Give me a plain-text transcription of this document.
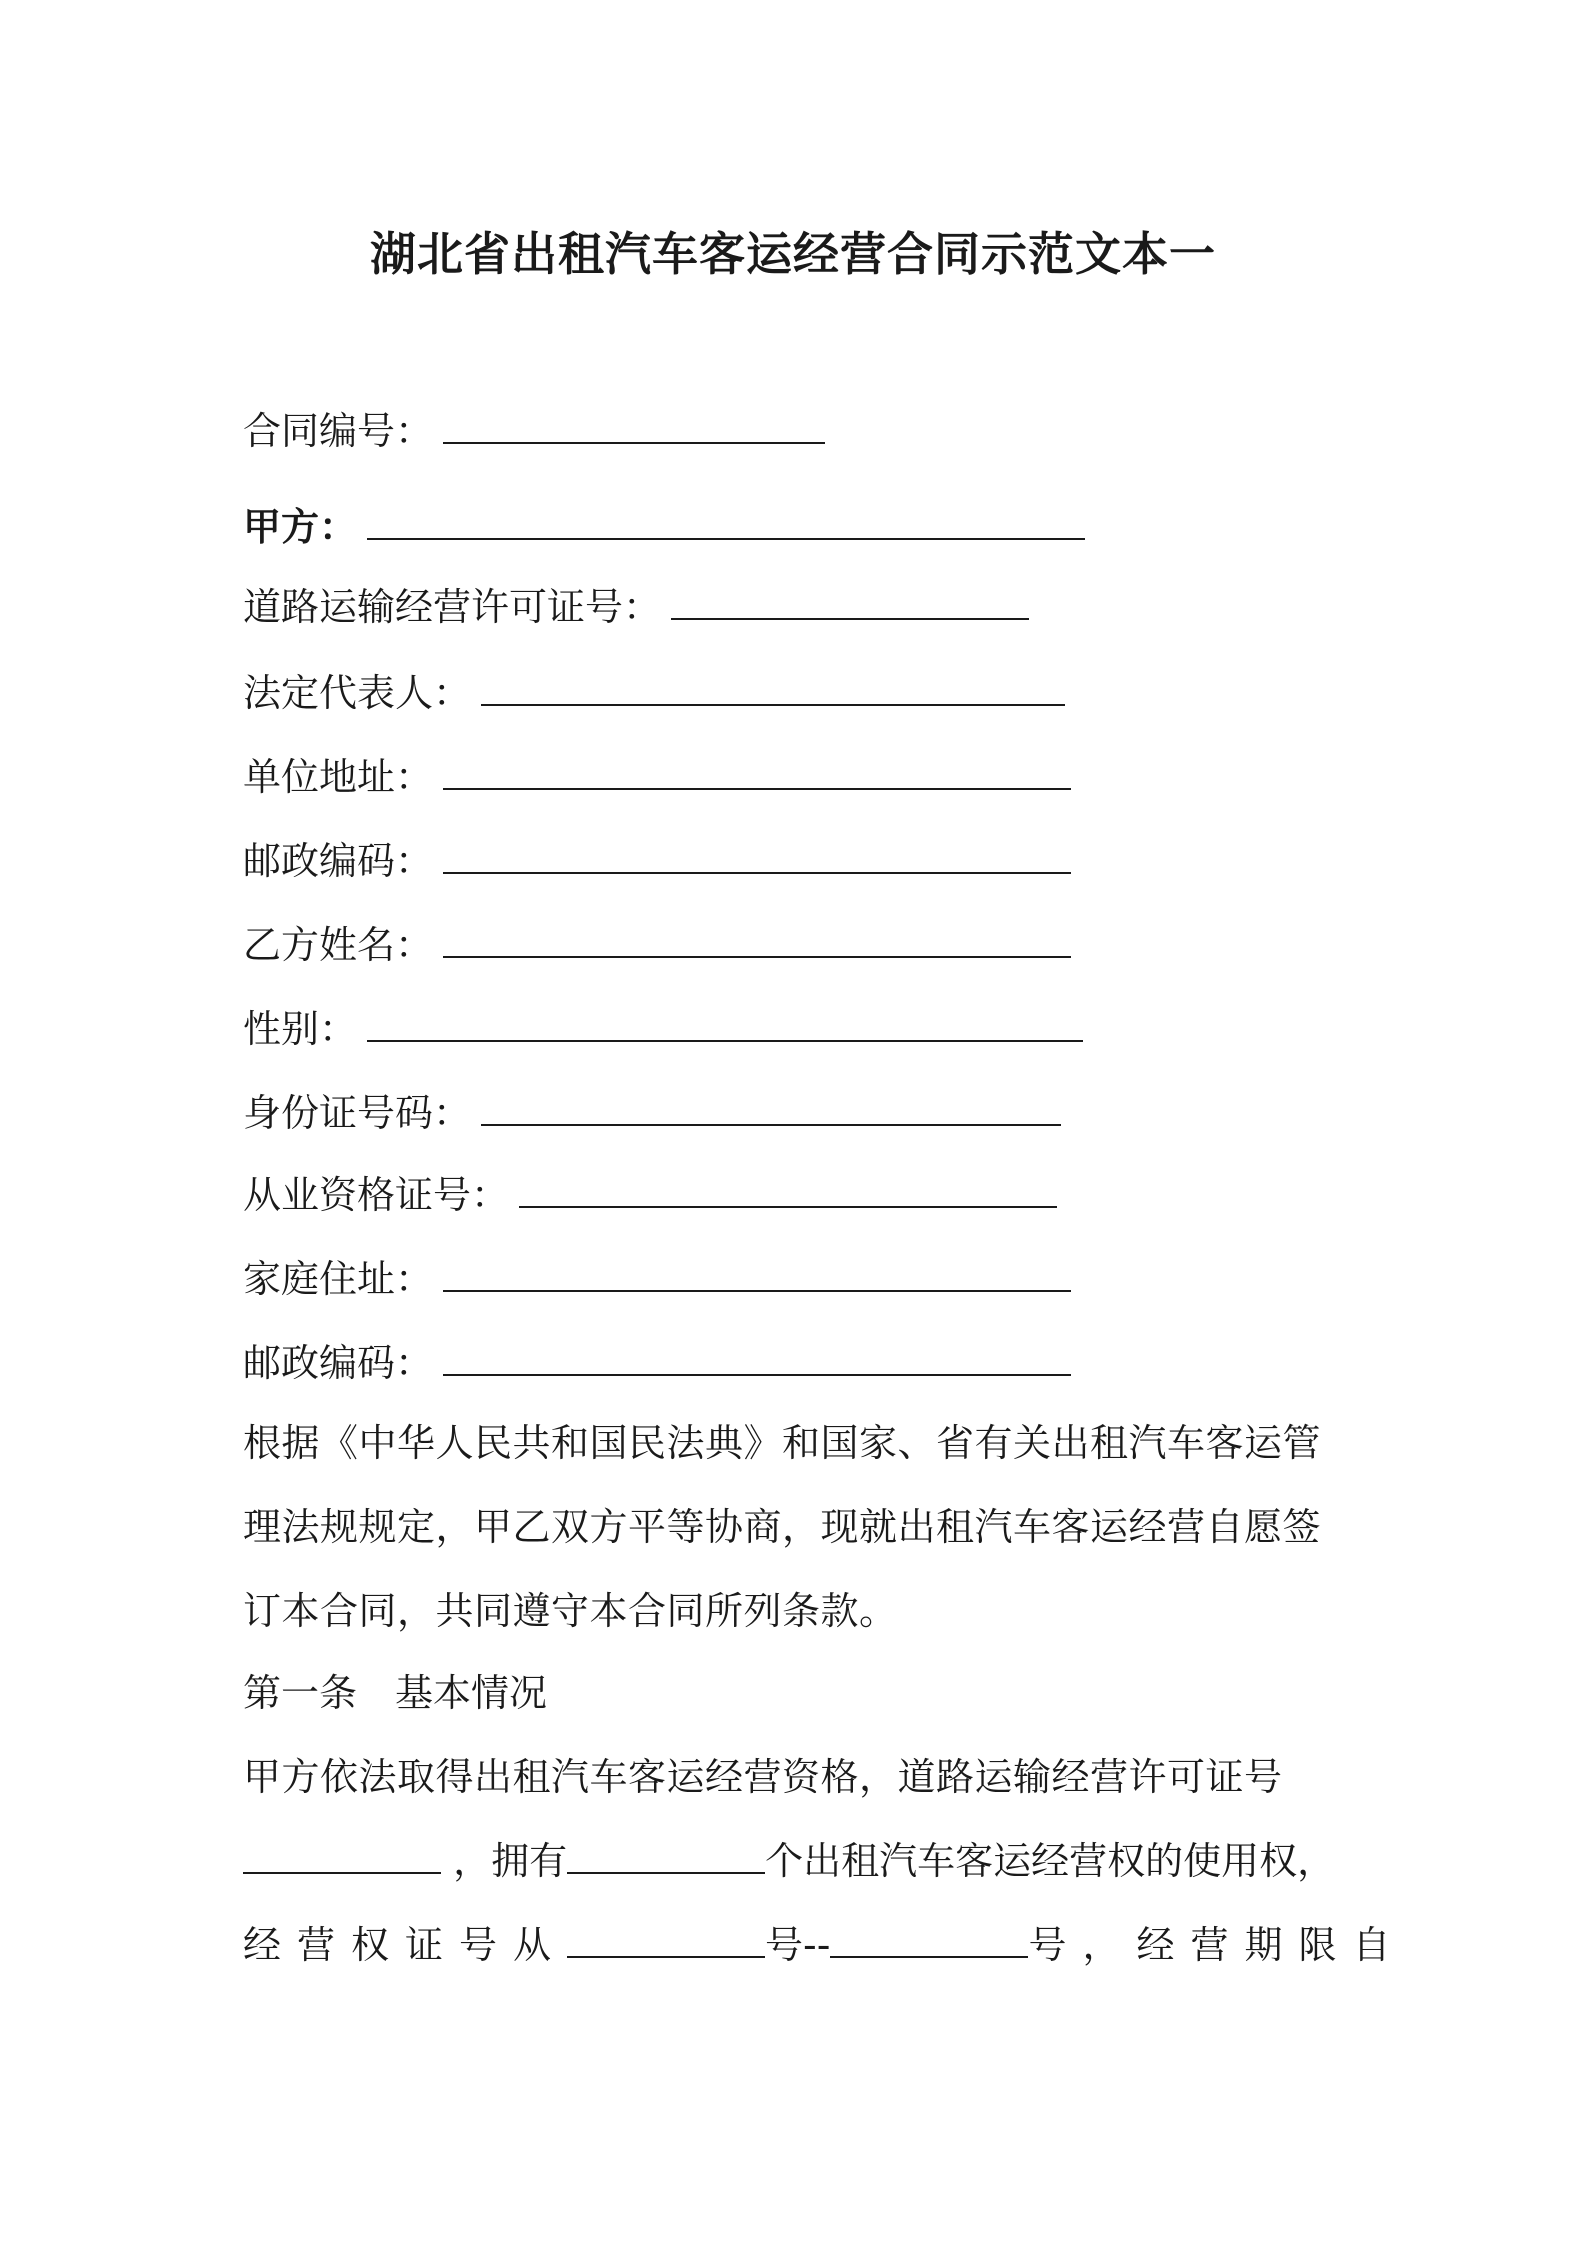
湖北省出租汽车客运经营合同示范文本一
合同编号：
甲方：
道路运输经营许可证号：
法定代表人：
单位地址：
邮政编码：
乙方姓名：
性别：
身份证号码：
从业资格证号：
家庭住址：
邮政编码：
根据《中华人民共和国民法典》和国家、省有关出租汽车客运管
理法规规定，甲乙双方平等协商，现就出租汽车客运经营自愿签
订本合同，共同遵守本合同所列条款。
第一条　基本情况
甲方依法取得出租汽车客运经营资格，道路运输经营许可证号
，拥有	个出租汽车客运经营权的使用权，
经营权证号从	号--	号，经营期限自
